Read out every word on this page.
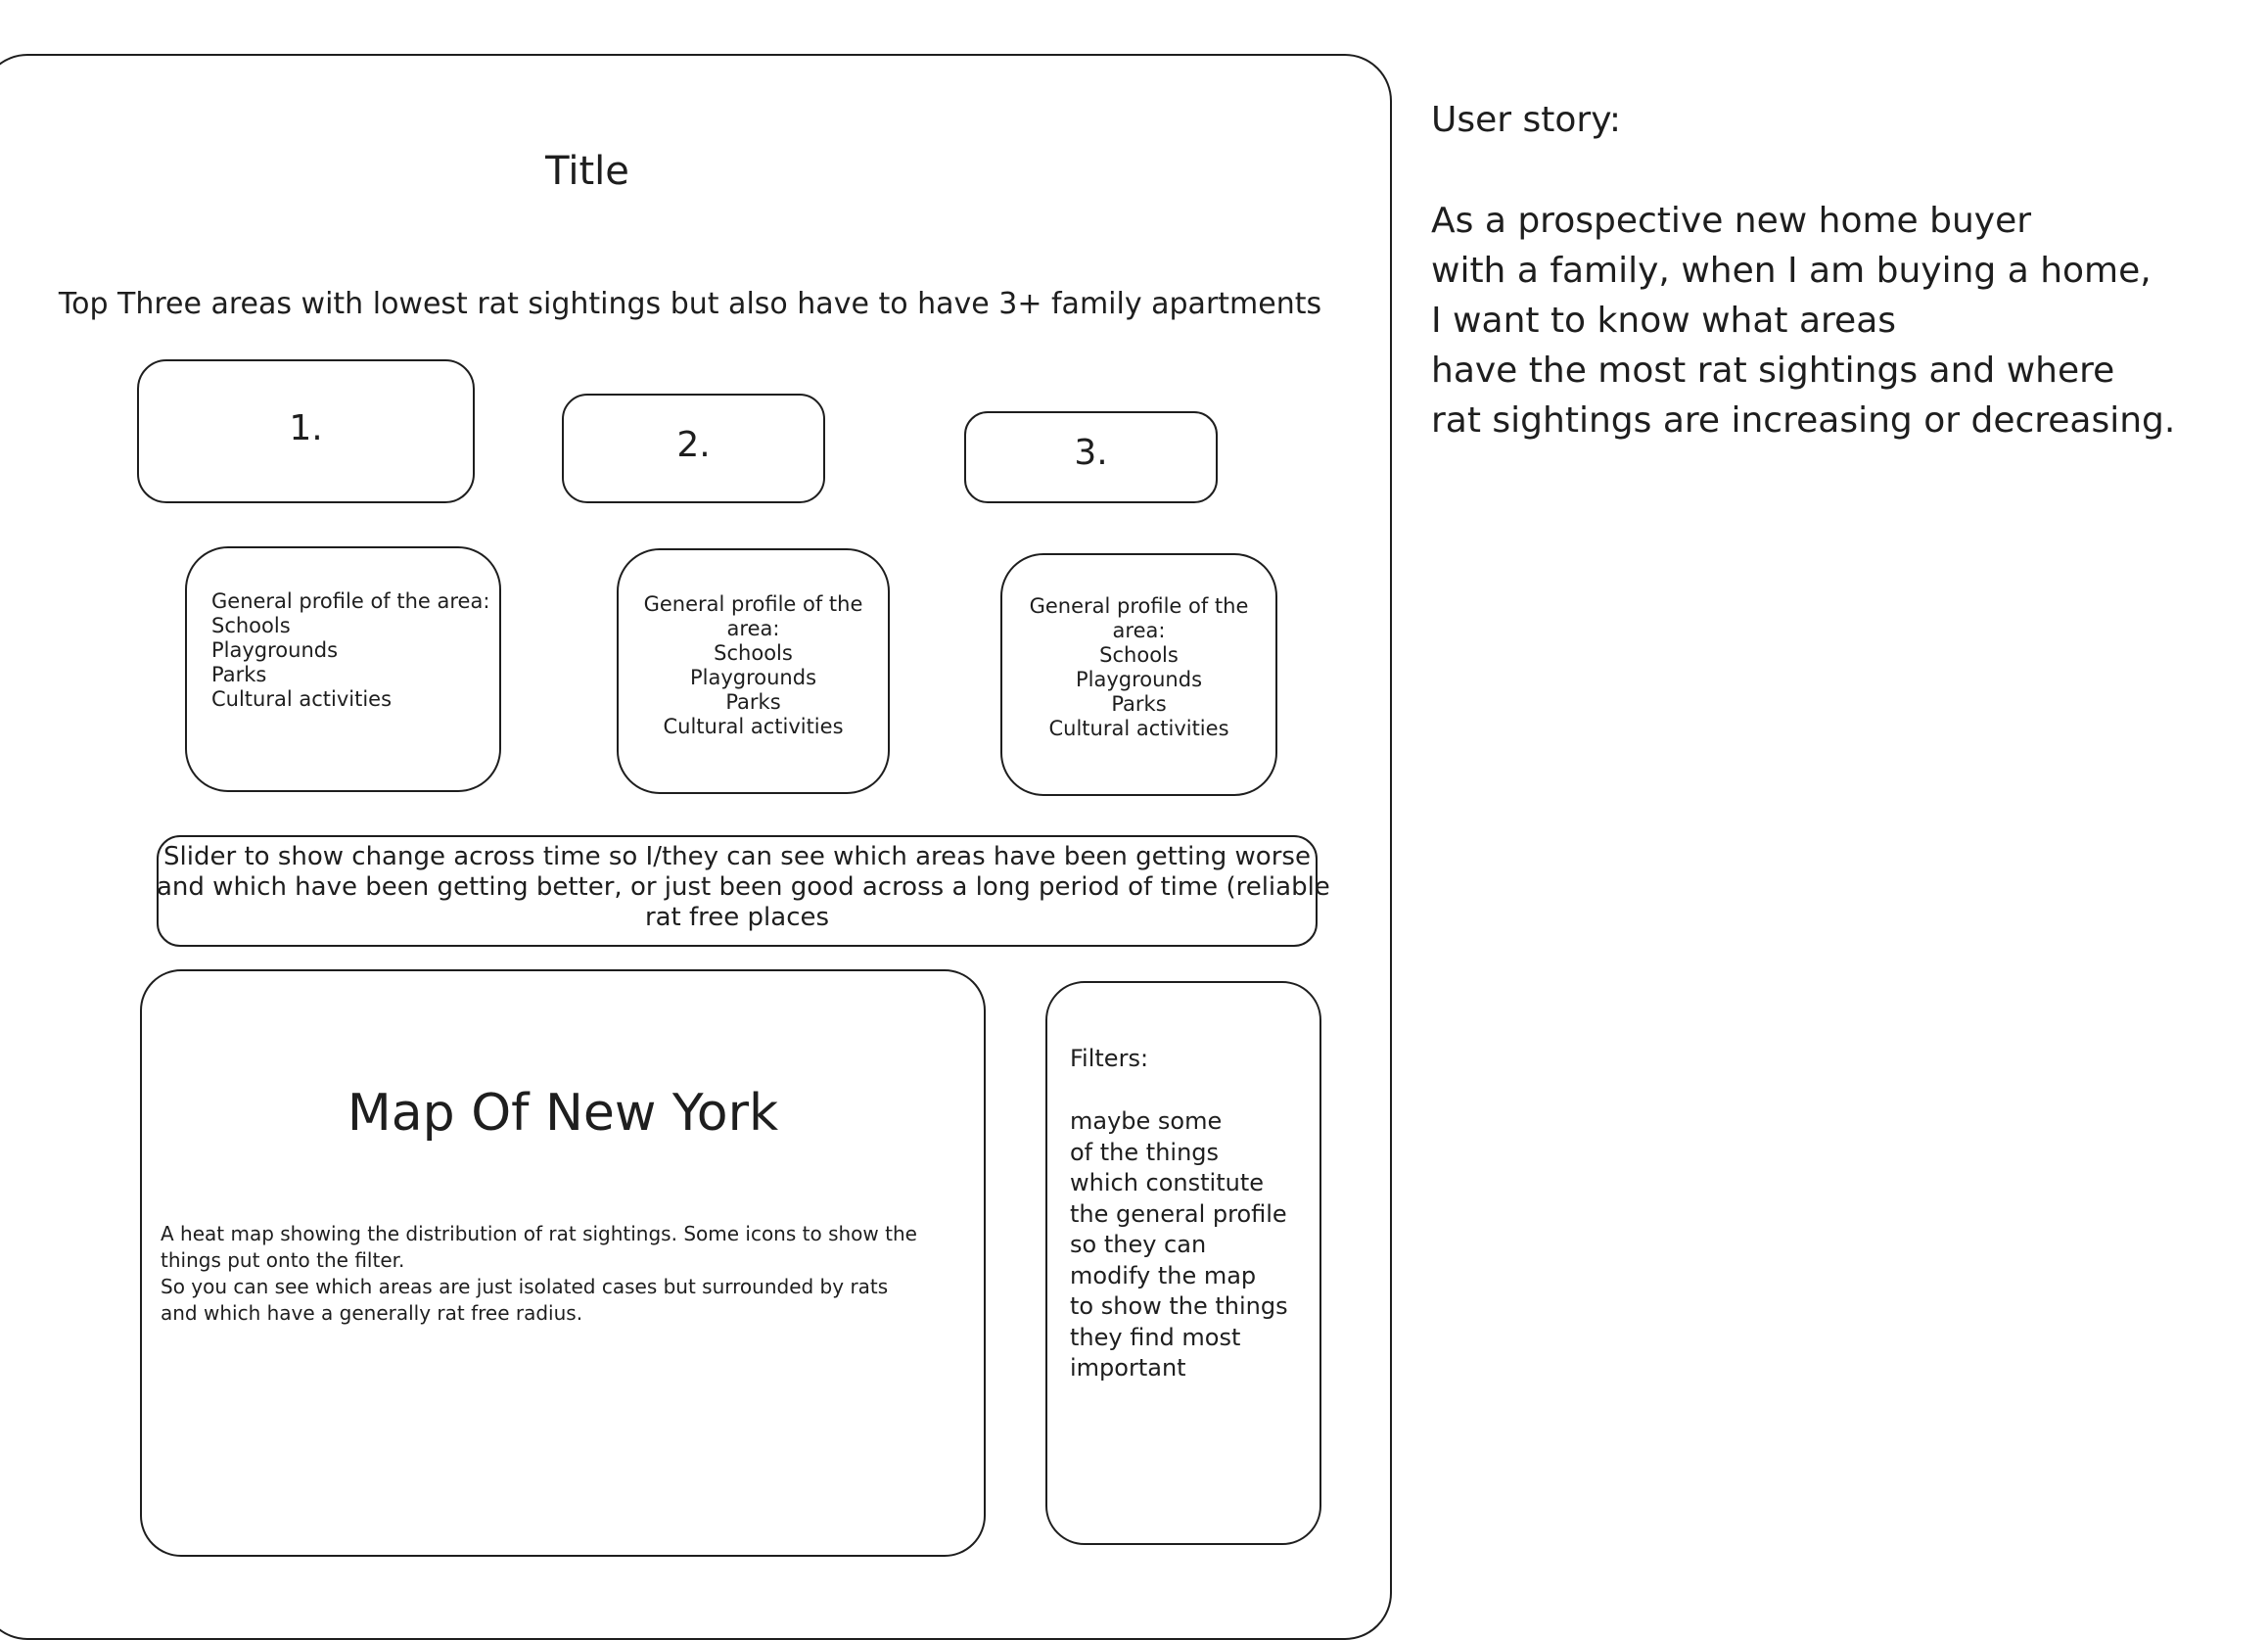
Title
Top Three areas with lowest rat sightings but also have to have 3+ family apartments
1.	2.	3.
General profile of the area:
Schools
Playgrounds
Parks
Cultural activities
General profile of the
area:
Schools
Playgrounds
Parks
Cultural activities
General profile of the
area:
Schools
Playgrounds
Parks
Cultural activities
Slider to show change across time so I/they can see which areas have been getting worse
and which have been getting better, or just been good across a long period of time (reliable
rat free places
Map Of New York
A heat map showing the distribution of rat sightings. Some icons to show the
things put onto the filter.
So you can see which areas are just isolated cases but surrounded by rats
and which have a generally rat free radius.
Filters:
maybe some
of the things
which constitute
the general profile
so they can
modify the map
to show the things
they find most
important
User story:
As a prospective new home buyer
with a family, when I am buying a home,
I want to know what areas
have the most rat sightings and where
rat sightings are increasing or decreasing.
